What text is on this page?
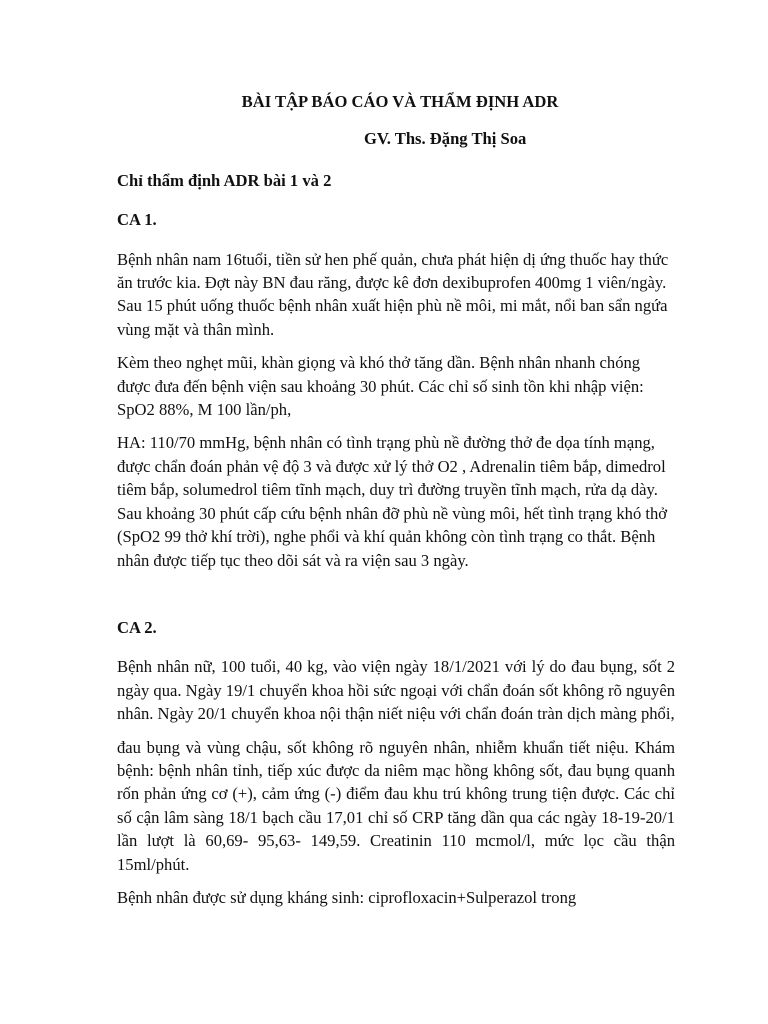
BÀI TẬP BÁO CÁO VÀ THẨM ĐỊNH ADR

GV. Ths. Đặng Thị Soa

Chỉ thẩm định ADR bài 1 và 2

CA 1.

Bệnh nhân nam 16tuổi, tiền sử hen phế quản, chưa phát hiện dị ứng thuốc hay thức ăn trước kia. Đợt này BN đau răng, được kê đơn dexibuprofen 400mg 1 viên/ngày. Sau 15 phút uống thuốc bệnh nhân xuất hiện phù nề môi, mi mắt, nổi ban sẩn ngứa vùng mặt và thân mình.

Kèm theo nghẹt mũi, khàn giọng và khó thở tăng dần. Bệnh nhân nhanh chóng được đưa đến bệnh viện sau khoảng 30 phút. Các chỉ số sinh tồn khi nhập viện: SpO2 88%, M 100 lần/ph,

HA: 110/70 mmHg, bệnh nhân có tình trạng phù nề đường thở đe dọa tính mạng, được chẩn đoán phản vệ độ 3 và được xử lý thở O2 , Adrenalin tiêm bắp, dimedrol tiêm bắp, solumedrol tiêm tĩnh mạch, duy trì đường truyền tĩnh mạch, rửa dạ dày. Sau khoảng 30 phút cấp cứu bệnh nhân đỡ phù nề vùng môi, hết tình trạng khó thở (SpO2 99 thở khí trời), nghe phổi và khí quản không còn tình trạng co thắt. Bệnh nhân được tiếp tục theo dõi sát và ra viện sau 3 ngày.

CA 2.

Bệnh nhân nữ, 100 tuổi, 40 kg, vào viện ngày 18/1/2021 với lý do đau bụng, sốt 2 ngày qua. Ngày 19/1 chuyển khoa hồi sức ngoại với chẩn đoán sốt không rõ nguyên nhân. Ngày 20/1 chuyển khoa nội thận niết niệu với chẩn đoán tràn dịch màng phổi,

đau bụng và vùng chậu, sốt không rõ nguyên nhân, nhiễm khuẩn tiết niệu. Khám bệnh: bệnh nhân tỉnh, tiếp xúc được da niêm mạc hồng không sốt, đau bụng quanh rốn phản ứng cơ (+), cảm ứng (-) điểm đau khu trú không trung tiện được. Các chỉ số cận lâm sàng 18/1 bạch cầu 17,01 chỉ số CRP tăng dần qua các ngày 18-19-20/1 lần lượt là 60,69- 95,63- 149,59. Creatinin 110 mcmol/l, mức lọc cầu thận 15ml/phút.

Bệnh nhân được sử dụng kháng sinh: ciprofloxacin+Sulperazol trong
